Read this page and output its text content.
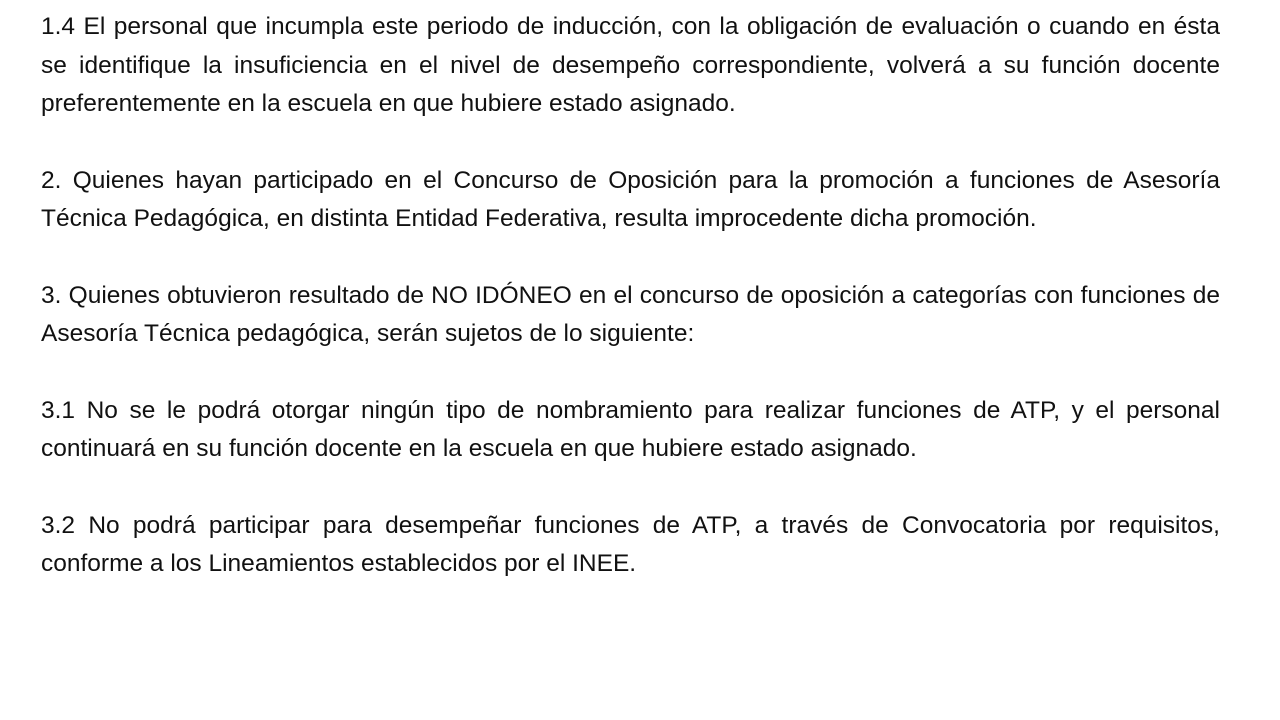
1.4 El personal que incumpla este periodo de inducción, con la obligación de evaluación o cuando en ésta se identifique la insuficiencia en el nivel de desempeño correspondiente, volverá a su función docente preferentemente en la escuela en que hubiere estado asignado.

2. Quienes hayan participado en el Concurso de Oposición para la promoción a funciones de Asesoría Técnica Pedagógica, en distinta Entidad Federativa, resulta improcedente dicha promoción.

3. Quienes obtuvieron resultado de NO IDÓNEO en el concurso de oposición a categorías con funciones de Asesoría Técnica pedagógica, serán sujetos de lo siguiente:

3.1 No se le podrá otorgar ningún tipo de nombramiento para realizar funciones de ATP, y el personal continuará en su función docente en la escuela en que hubiere estado asignado.

3.2 No podrá participar para desempeñar funciones de ATP, a través de Convocatoria por requisitos, conforme a los Lineamientos establecidos por el INEE.
